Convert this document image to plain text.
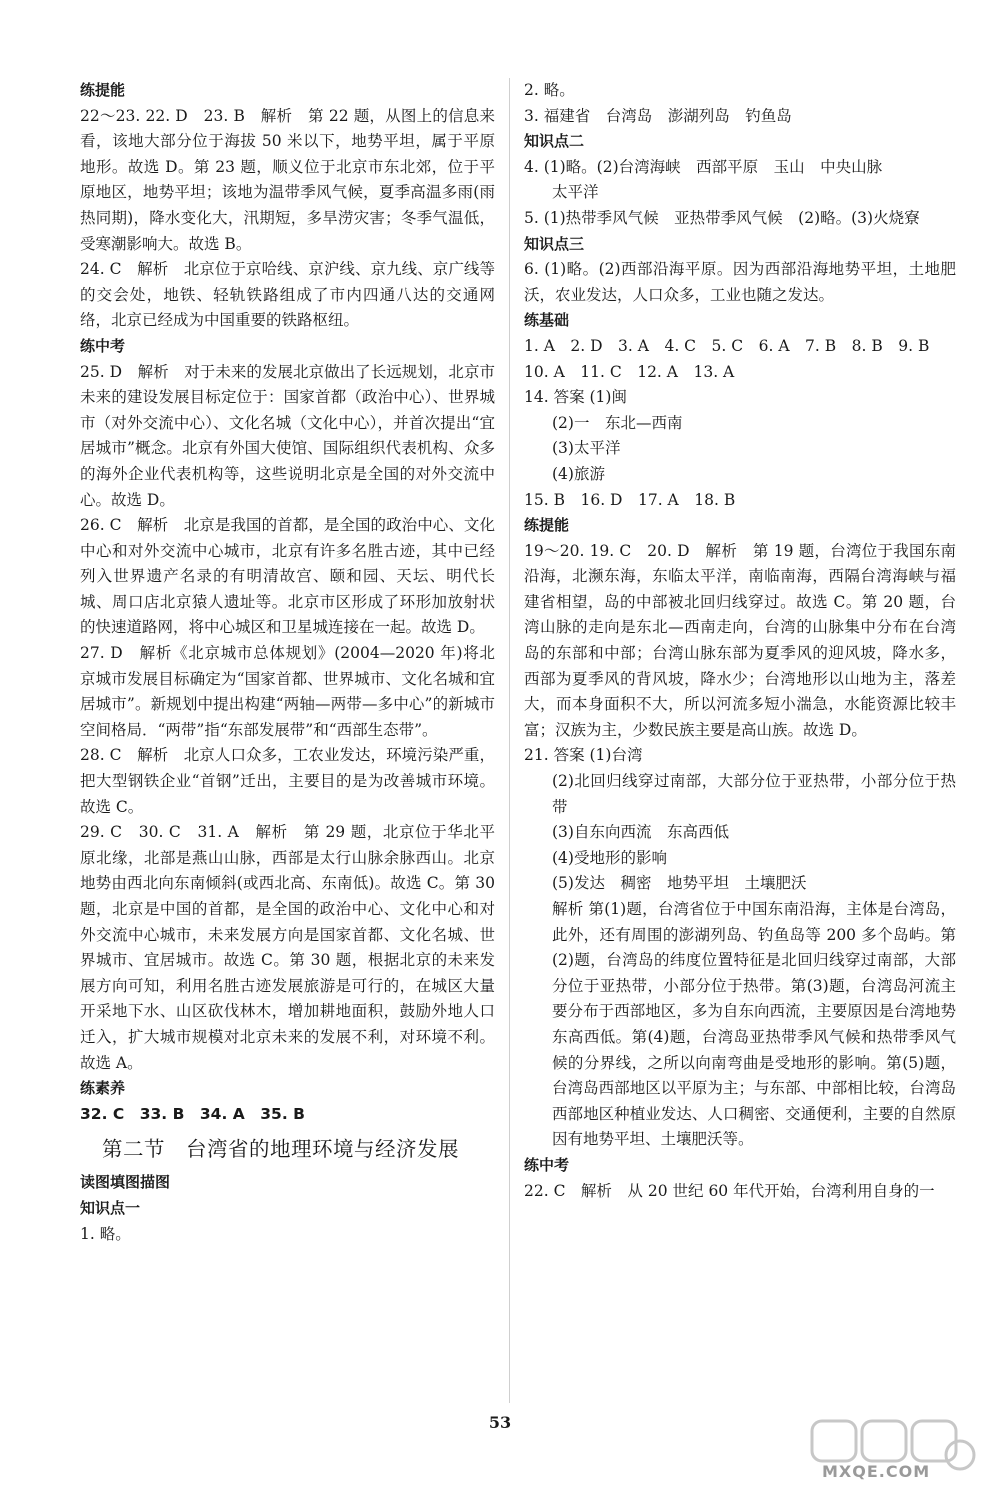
练提能
22～23. 22. D　23. B　解析　第 22 题，从图上的信息来看，该地大部分位于海拔 50 米以下，地势平坦，属于平原地形。故选 D。第 23 题，顺义位于北京市东北郊，位于平原地区，地势平坦；该地为温带季风气候，夏季高温多雨(雨热同期)，降水变化大，汛期短，多旱涝灾害；冬季气温低，受寒潮影响大。故选 B。
24. C　解析　北京位于京哈线、京沪线、京九线、京广线等的交会处，地铁、轻轨铁路组成了市内四通八达的交通网络，北京已经成为中国重要的铁路枢纽。
练中考
25. D　解析　对于未来的发展北京做出了长远规划，北京市未来的建设发展目标定位于：国家首都（政治中心）、世界城市（对外交流中心）、文化名城（文化中心），并首次提出“宜居城市”概念。北京有外国大使馆、国际组织代表机构、众多的海外企业代表机构等，这些说明北京是全国的对外交流中心。故选 D。
26. C　解析　北京是我国的首都，是全国的政治中心、文化中心和对外交流中心城市，北京有许多名胜古迹，其中已经列入世界遗产名录的有明清故宫、颐和园、天坛、明代长城、周口店北京猿人遗址等。北京市区形成了环形加放射状的快速道路网，将中心城区和卫星城连接在一起。故选 D。
27. D　解析《北京城市总体规划》(2004—2020 年)将北京城市发展目标确定为“国家首都、世界城市、文化名城和宜居城市”。新规划中提出构建“两轴—两带—多中心”的新城市空间格局．“两带”指“东部发展带”和“西部生态带”。
28. C　解析　北京人口众多，工农业发达，环境污染严重，把大型钢铁企业“首钢”迁出，主要目的是为改善城市环境。故选 C。
29. C　30. C　31. A　解析　第 29 题，北京位于华北平原北缘，北部是燕山山脉，西部是太行山脉余脉西山。北京地势由西北向东南倾斜(或西北高、东南低)。故选 C。第 30 题，北京是中国的首都，是全国的政治中心、文化中心和对外交流中心城市，未来发展方向是国家首都、文化名城、世界城市、宜居城市。故选 C。第 30 题，根据北京的未来发展方向可知，利用名胜古迹发展旅游是可行的，在城区大量开采地下水、山区砍伐林木，增加耕地面积，鼓励外地人口迁入，扩大城市规模对北京未来的发展不利，对环境不利。故选 A。
练素养
32. C　33. B　34. A　35. B
第二节　台湾省的地理环境与经济发展
读图填图描图
知识点一
1. 略。
2. 略。
3. 福建省　台湾岛　澎湖列岛　钓鱼岛
知识点二
4. (1)略。(2)台湾海峡　西部平原　玉山　中央山脉
太平洋
5. (1)热带季风气候　亚热带季风气候　(2)略。(3)火烧寮
知识点三
6. (1)略。(2)西部沿海平原。因为西部沿海地势平坦，土地肥沃，农业发达，人口众多，工业也随之发达。
练基础
1. A　2. D　3. A　4. C　5. C　6. A　7. B　8. B　9. B
10. A　11. C　12. A　13. A
14. 答案 (1)闽
(2)一　东北—西南
(3)太平洋
(4)旅游
15. B　16. D　17. A　18. B
练提能
19～20. 19. C　20. D　解析　第 19 题，台湾位于我国东南沿海，北濒东海，东临太平洋，南临南海，西隔台湾海峡与福建省相望，岛的中部被北回归线穿过。故选 C。第 20 题，台湾山脉的走向是东北—西南走向，台湾的山脉集中分布在台湾岛的东部和中部；台湾山脉东部为夏季风的迎风坡，降水多，西部为夏季风的背风坡，降水少；台湾地形以山地为主，落差大，而本身面积不大，所以河流多短小湍急，水能资源比较丰富；汉族为主，少数民族主要是高山族。故选 D。
21. 答案 (1)台湾
(2)北回归线穿过南部，大部分位于亚热带，小部分位于热带
(3)自东向西流　东高西低
(4)受地形的影响
(5)发达　稠密　地势平坦　土壤肥沃
解析 第(1)题，台湾省位于中国东南沿海，主体是台湾岛，此外，还有周围的澎湖列岛、钓鱼岛等 200 多个岛屿。第(2)题，台湾岛的纬度位置特征是北回归线穿过南部，大部分位于亚热带，小部分位于热带。第(3)题，台湾岛河流主要分布于西部地区，多为自东向西流，主要原因是台湾地势东高西低。第(4)题，台湾岛亚热带季风气候和热带季风气候的分界线，之所以向南弯曲是受地形的影响。第(5)题，台湾岛西部地区以平原为主；与东部、中部相比较，台湾岛西部地区种植业发达、人口稠密、交通便利，主要的自然原因有地势平坦、土壤肥沃等。
练中考
22. C　解析　从 20 世纪 60 年代开始，台湾利用自身的一
53
MXQE.COM
